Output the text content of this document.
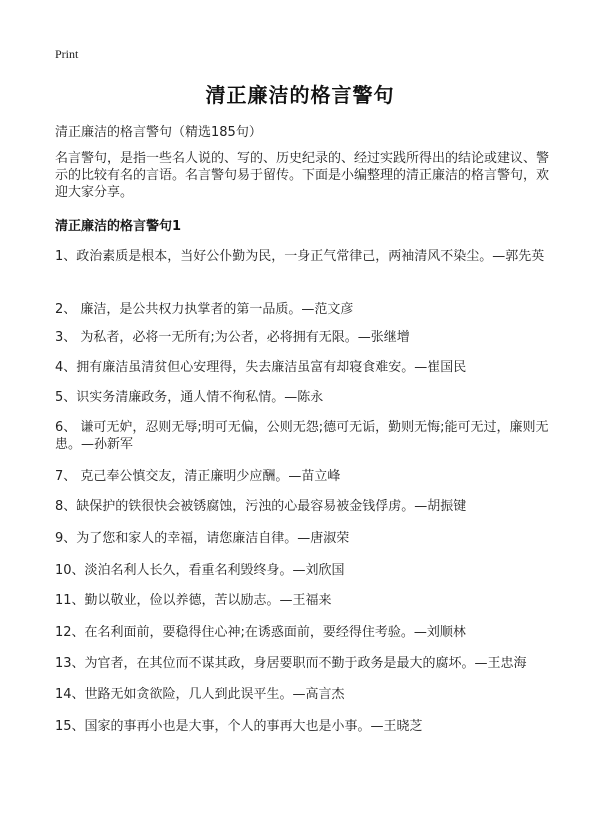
Print
清正廉洁的格言警句
清正廉洁的格言警句（精选185句）
名言警句，是指一些名人说的、写的、历史纪录的、经过实践所得出的结论或建议、警示的比较有名的言语。名言警句易于留传。下面是小编整理的清正廉洁的格言警句，欢迎大家分享。
清正廉洁的格言警句1
1、政治素质是根本，当好公仆勤为民，一身正气常律己，两袖清风不染尘。—郭先英
2、 廉洁，是公共权力执掌者的第一品质。—范文彦
3、 为私者，必将一无所有;为公者，必将拥有无限。—张继增
4、拥有廉洁虽清贫但心安理得，失去廉洁虽富有却寝食难安。—崔国民
5、识实务清廉政务，通人情不徇私情。—陈永
6、 谦可无妒，忍则无辱;明可无偏，公则无怨;德可无诟，勤则无悔;能可无过，廉则无患。—孙新军
7、 克己奉公慎交友，清正廉明少应酬。—苗立峰
8、缺保护的铁很快会被锈腐蚀，污浊的心最容易被金钱俘虏。—胡振键
9、为了您和家人的幸福，请您廉洁自律。—唐淑荣
10、淡泊名利人长久，看重名利毁终身。—刘欣国
11、勤以敬业，俭以养德，苦以励志。—王福来
12、在名利面前，要稳得住心神;在诱惑面前，要经得住考验。—刘顺林
13、为官者，在其位而不谋其政，身居要职而不勤于政务是最大的腐坏。—王忠海
14、世路无如贪欲险，几人到此误平生。—高言杰
15、国家的事再小也是大事，个人的事再大也是小事。—王晓芝
